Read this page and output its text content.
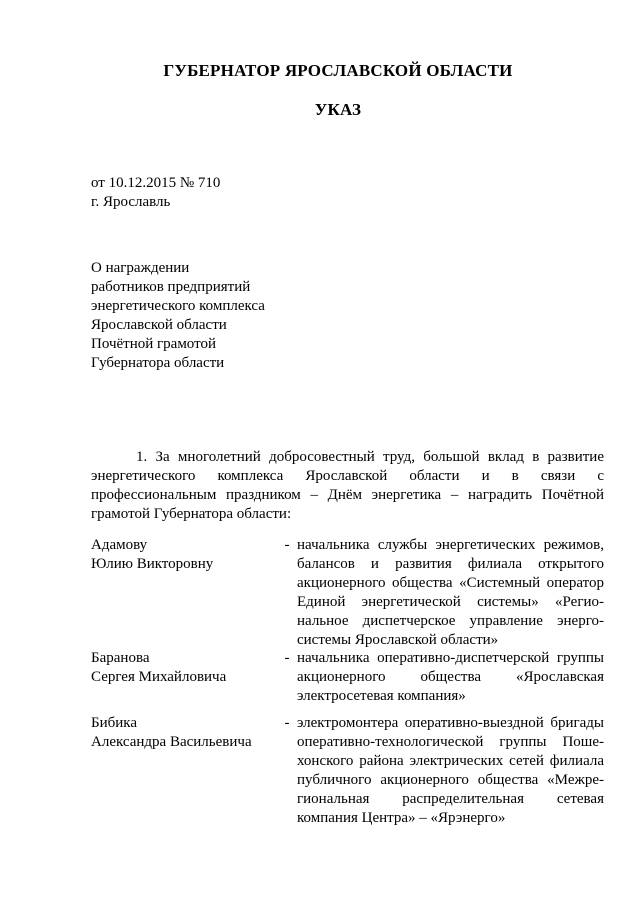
ГУБЕРНАТОР ЯРОСЛАВСКОЙ ОБЛАСТИ
УКАЗ
от 10.12.2015 № 710
г. Ярославль
О награждении
работников предприятий
энергетического комплекса
Ярославской области
Почётной грамотой
Губернатора области
1. За многолетний добросовестный труд, большой вклад в развитие
энергетического комплекса Ярославской области и в связи с
профессиональным праздником – Днём энергетика – наградить Почётной
грамотой Губернатора области:
Адамову
Юлию Викторовну
- начальника службы энергетических режимов,
балансов и развития филиала открытого
акционерного общества «Системный оператор
Единой энергетической системы» «Регио-
нальное диспетчерское управление энерго-
системы Ярославской области»
Баранова
Сергея Михайловича
- начальника оперативно-диспетчерской группы
акционерного общества «Ярославская
электросетевая компания»
Бибика
Александра Васильевича
- электромонтера оперативно-выездной бригады
оперативно-технологической группы Поше-
хонского района электрических сетей филиала
публичного акционерного общества «Межре-
гиональная распределительная сетевая
компания Центра» – «Ярэнерго»
